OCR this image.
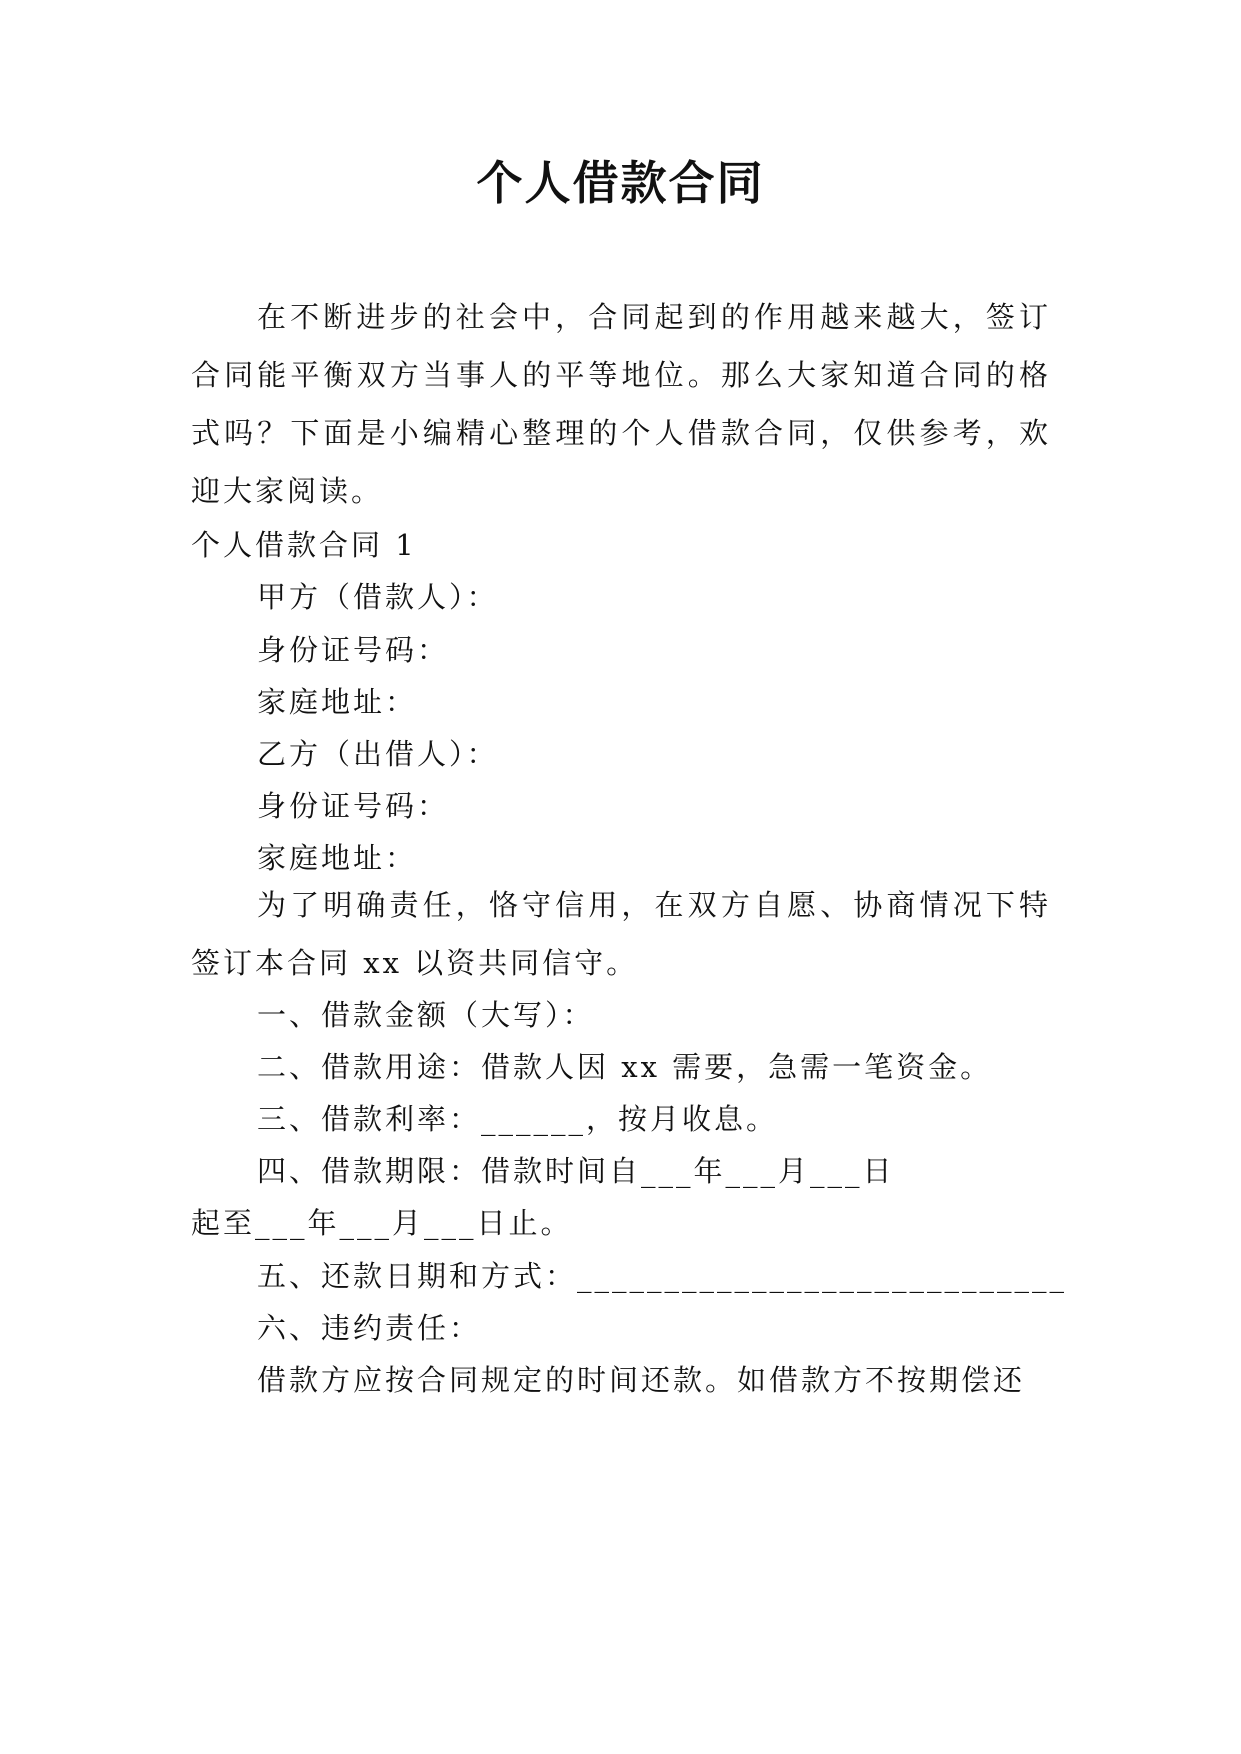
个人借款合同

在不断进步的社会中，合同起到的作用越来越大，签订合同能平衡双方当事人的平等地位。那么大家知道合同的格式吗？下面是小编精心整理的个人借款合同，仅供参考，欢迎大家阅读。

个人借款合同 1
甲方（借款人）：
身份证号码：
家庭地址：
乙方（出借人）：
身份证号码：
家庭地址：

为了明确责任，恪守信用，在双方自愿、协商情况下特签订本合同 xx 以资共同信守。

一、借款金额（大写）：
二、借款用途：借款人因 xx 需要，急需一笔资金。
三、借款利率：______，按月收息。
四、借款期限：借款时间自___年___月___日
起至___年___月___日止。
五、还款日期和方式：____________________________
六、违约责任：
借款方应按合同规定的时间还款。如借款方不按期偿还
